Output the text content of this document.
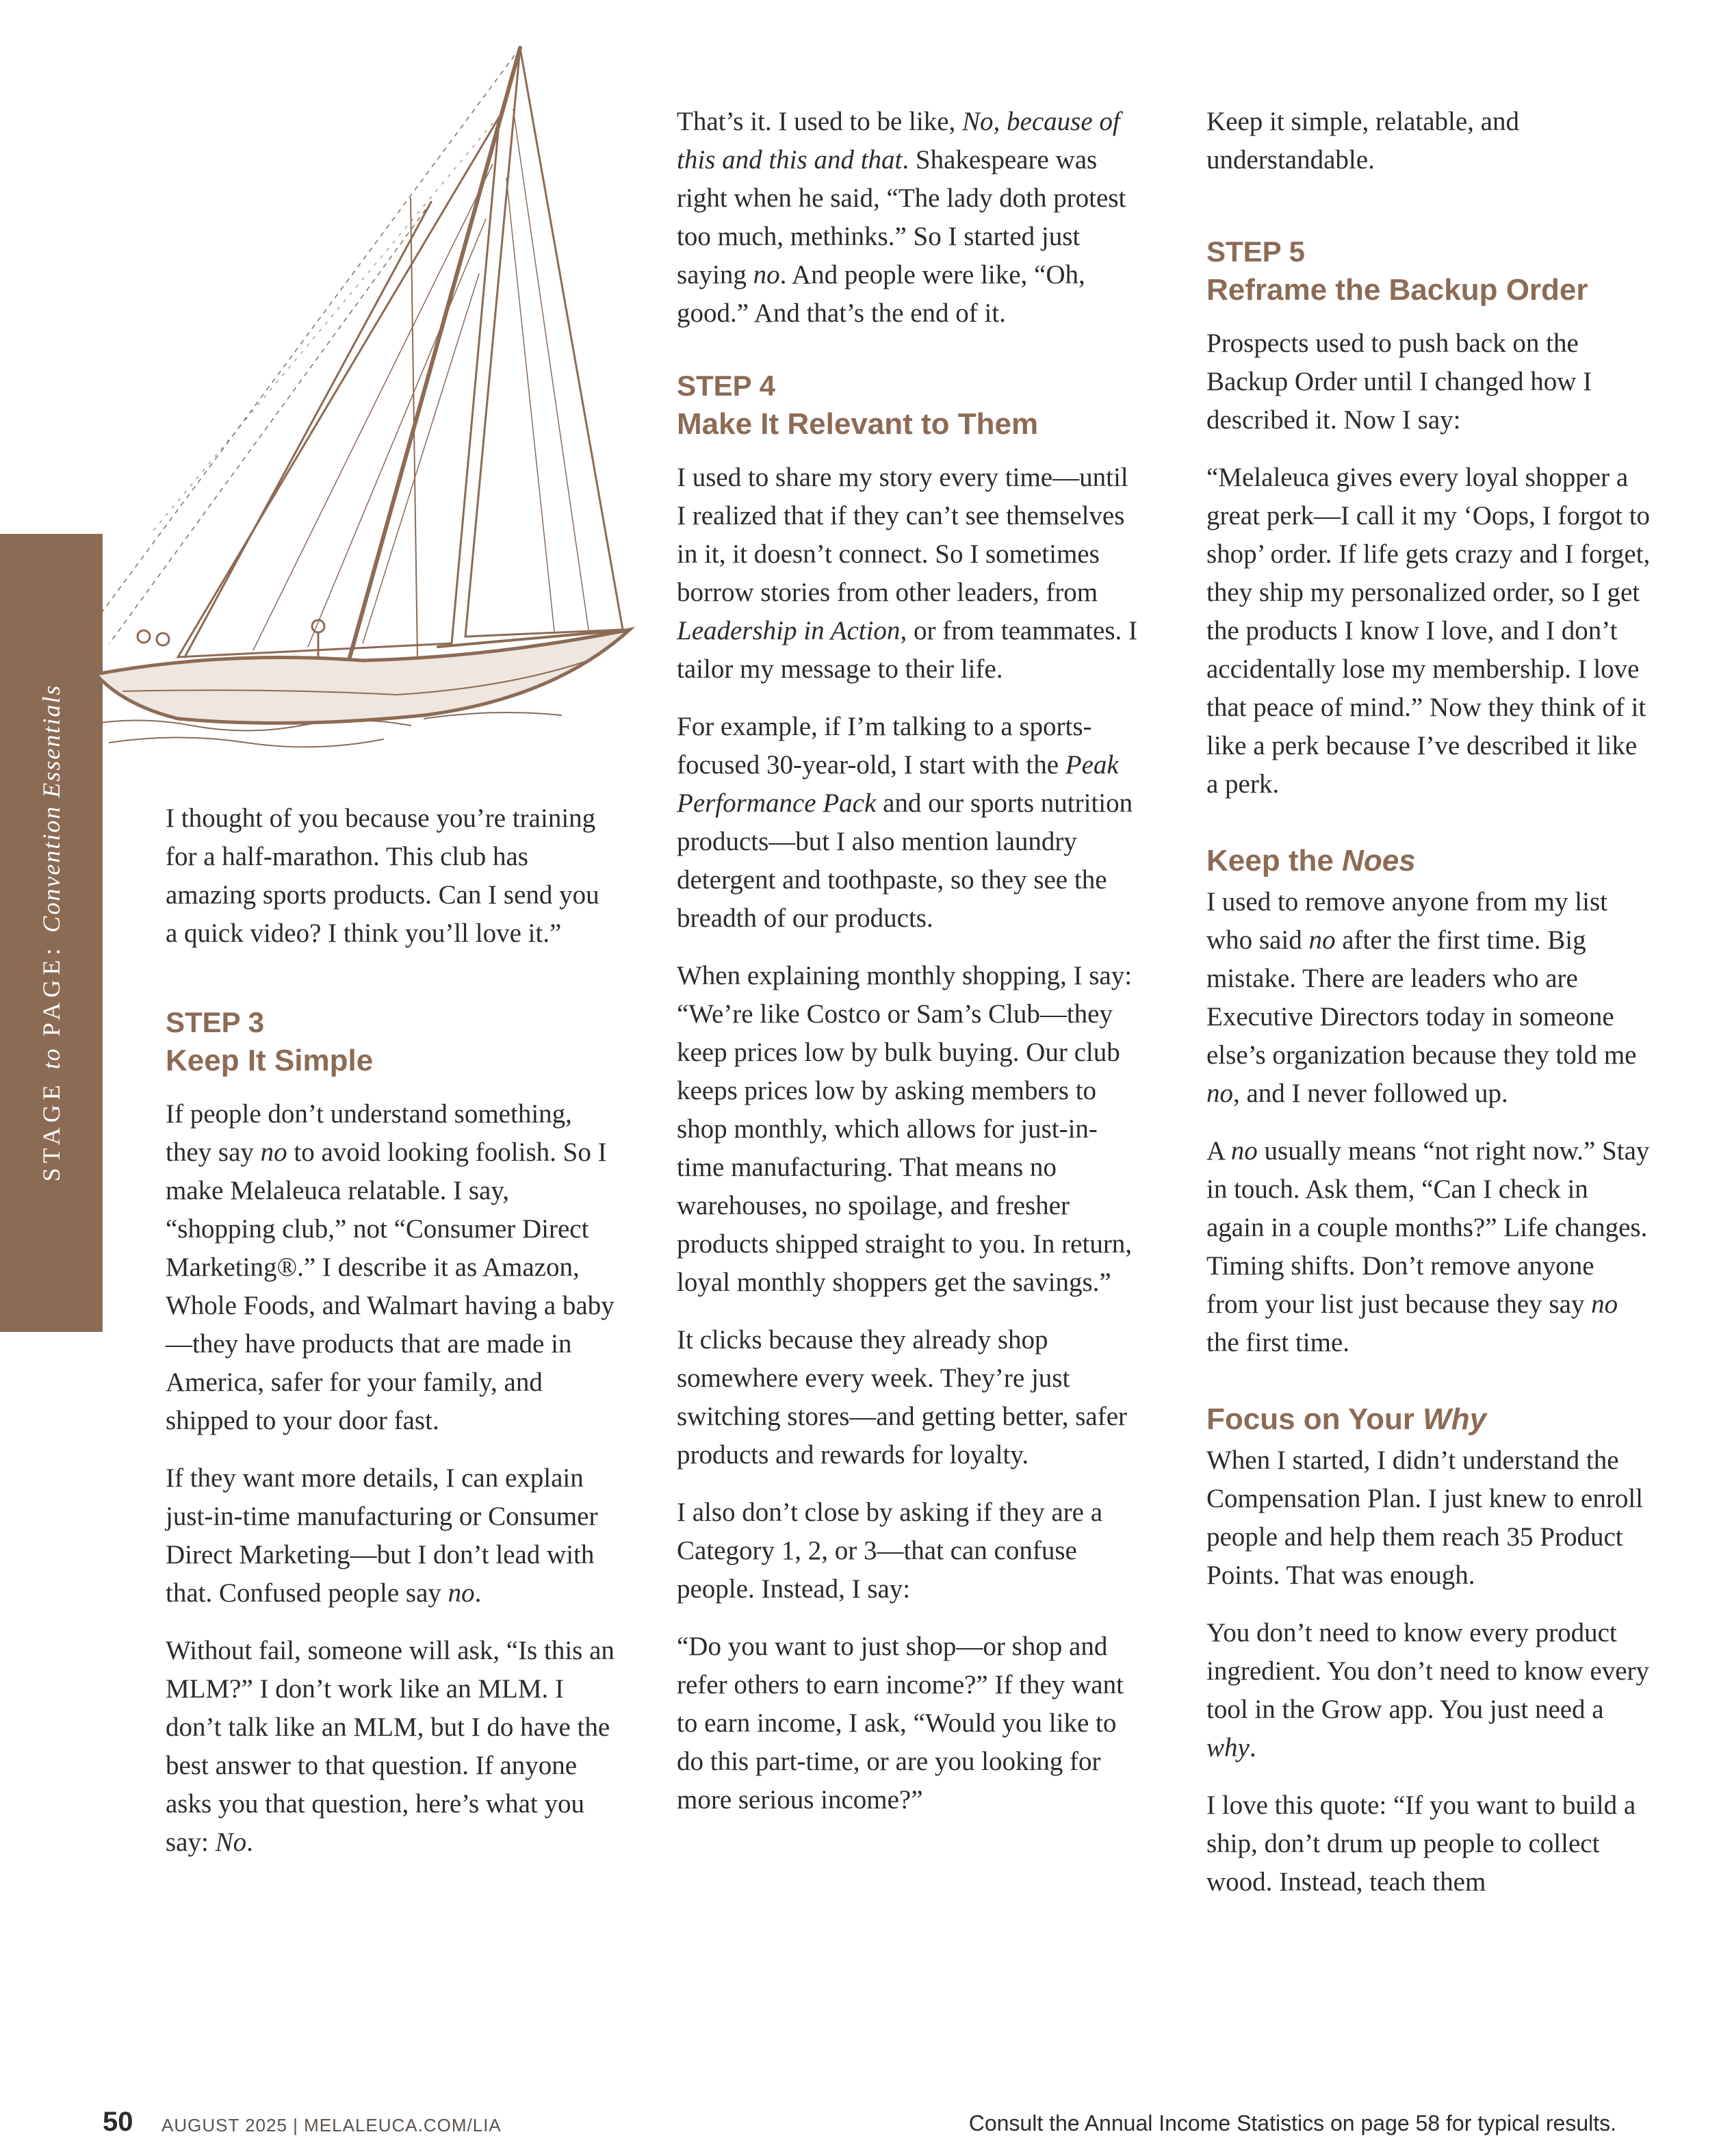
STAGE to PAGE: Convention Essentials	I thought of you because you’re training for a half-marathon. This club has amazing sports products. Can I send you a quick video? I think you’ll love it.”

STEP 3
Keep It Simple

If people don’t understand something, they say no to avoid looking foolish. So I make Melaleuca relatable. I say, “shopping club,” not “Consumer Direct Marketing®.” I describe it as Amazon, Whole Foods, and Walmart having a baby—they have products that are made in America, safer for your family, and shipped to your door fast.

If they want more details, I can explain just-in-time manufacturing or Consumer Direct Marketing—but I don’t lead with that. Confused people say no.

Without fail, someone will ask, “Is this an MLM?” I don’t work like an MLM. I don’t talk like an MLM, but I do have the best answer to that question. If anyone asks you that question, here’s what you say: No.

That’s it. I used to be like, No, because of this and this and that. Shakespeare was right when he said, “The lady doth protest too much, methinks.” So I started just saying no. And people were like, “Oh, good.” And that’s the end of it.

STEP 4
Make It Relevant to Them

I used to share my story every time—until I realized that if they can’t see themselves in it, it doesn’t connect. So I sometimes borrow stories from other leaders, from Leadership in Action, or from teammates. I tailor my message to their life.

For example, if I’m talking to a sports-focused 30-year-old, I start with the Peak Performance Pack and our sports nutrition products—but I also mention laundry detergent and toothpaste, so they see the breadth of our products.

When explaining monthly shopping, I say: “We’re like Costco or Sam’s Club—they keep prices low by bulk buying. Our club keeps prices low by asking members to shop monthly, which allows for just-in-time manufacturing. That means no warehouses, no spoilage, and fresher products shipped straight to you. In return, loyal monthly shoppers get the savings.”

It clicks because they already shop somewhere every week. They’re just switching stores—and getting better, safer products and rewards for loyalty.

I also don’t close by asking if they are a Category 1, 2, or 3—that can confuse people. Instead, I say:

“Do you want to just shop—or shop and refer others to earn income?” If they want to earn income, I ask, “Would you like to do this part-time, or are you looking for more serious income?”

Keep it simple, relatable, and understandable.

STEP 5
Reframe the Backup Order

Prospects used to push back on the Backup Order until I changed how I described it. Now I say:

“Melaleuca gives every loyal shopper a great perk—I call it my ‘Oops, I forgot to shop’ order. If life gets crazy and I forget, they ship my personalized order, so I get the products I know I love, and I don’t accidentally lose my membership. I love that peace of mind.” Now they think of it like a perk because I’ve described it like a perk.

Keep the Noes

I used to remove anyone from my list who said no after the first time. Big mistake. There are leaders who are Executive Directors today in someone else’s organization because they told me no, and I never followed up.

A no usually means “not right now.” Stay in touch. Ask them, “Can I check in again in a couple months?” Life changes. Timing shifts. Don’t remove anyone from your list just because they say no the first time.

Focus on Your Why

When I started, I didn’t understand the Compensation Plan. I just knew to enroll people and help them reach 35 Product Points. That was enough.

You don’t need to know every product ingredient. You don’t need to know every tool in the Grow app. You just need a why.

I love this quote: “If you want to build a ship, don’t drum up people to collect wood. Instead, teach them

50 AUGUST 2025 | MELALEUCA.COM/LIA	Consult the Annual Income Statistics on page 58 for typical results.
